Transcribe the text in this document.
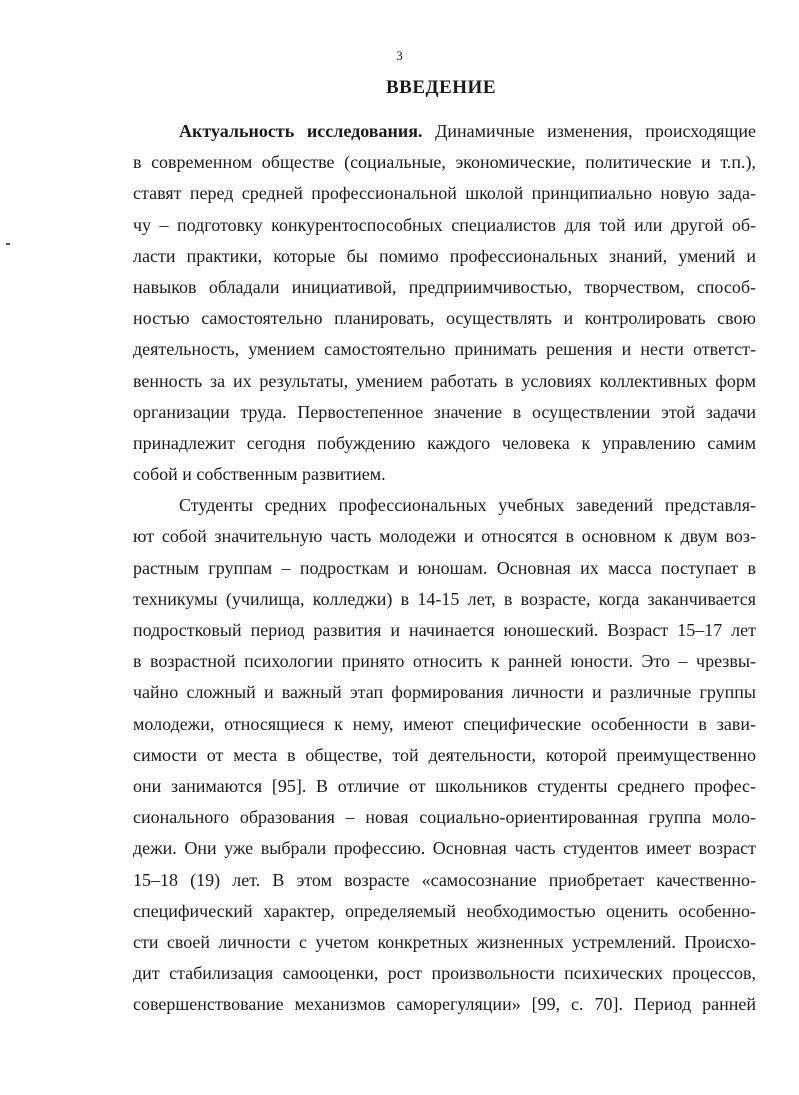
3
ВВЕДЕНИЕ
Актуальность исследования. Динамичные изменения, происходящие
в современном обществе (социальные, экономические, политические и т.п.),
ставят перед средней профессиональной школой принципиально новую зада-
чу – подготовку конкурентоспособных специалистов для той или другой об-
ласти практики, которые бы помимо профессиональных знаний, умений и
навыков обладали инициативой, предприимчивостью, творчеством, способ-
ностью самостоятельно планировать, осуществлять и контролировать свою
деятельность, умением самостоятельно принимать решения и нести ответст-
венность за их результаты, умением работать в условиях коллективных форм
организации труда. Первостепенное значение в осуществлении этой задачи
принадлежит сегодня побуждению каждого человека к управлению самим
собой и собственным развитием.
Студенты средних профессиональных учебных заведений представля-
ют собой значительную часть молодежи и относятся в основном к двум воз-
растным группам – подросткам и юношам. Основная их масса поступает в
техникумы (училища, колледжи) в 14-15 лет, в возрасте, когда заканчивается
подростковый период развития и начинается юношеский. Возраст 15–17 лет
в возрастной психологии принято относить к ранней юности. Это – чрезвы-
чайно сложный и важный этап формирования личности и различные группы
молодежи, относящиеся к нему, имеют специфические особенности в зави-
симости от места в обществе, той деятельности, которой преимущественно
они занимаются [95]. В отличие от школьников студенты среднего профес-
сионального образования – новая социально-ориентированная группа моло-
дежи. Они уже выбрали профессию. Основная часть студентов имеет возраст
15–18 (19) лет. В этом возрасте «самосознание приобретает качественно-
специфический характер, определяемый необходимостью оценить особенно-
сти своей личности с учетом конкретных жизненных устремлений. Происхо-
дит стабилизация самооценки, рост произвольности психических процессов,
совершенствование механизмов саморегуляции» [99, с. 70]. Период ранней
